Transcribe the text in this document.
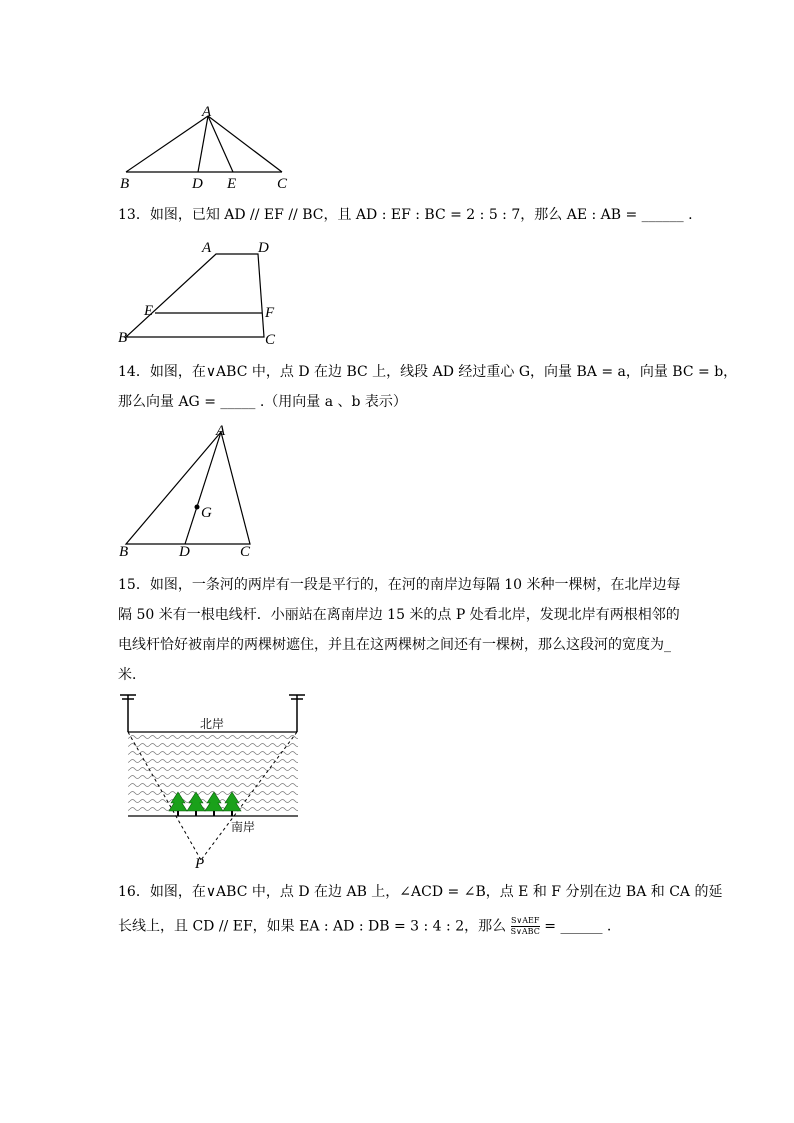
A
B	D E	C
13．如图，已知 AD // EF // BC，且 AD : EF : BC = 2 : 5 : 7，那么 AE : AB = ______ .
A	D
E	F
B	C
14．如图，在∨ABC 中，点 D 在边 BC 上，线段 AD 经过重心 G，向量 BA = a，向量 BC = b，
那么向量 AG = _____ .（用向量 a 、b 表示）
A
G
B	D	C
15．如图，一条河的两岸有一段是平行的，在河的南岸边每隔 10 米种一棵树，在北岸边每
隔 50 米有一根电线杆．小丽站在离南岸边 15 米的点 P 处看北岸，发现北岸有两根相邻的
电线杆恰好被南岸的两棵树遮住，并且在这两棵树之间还有一棵树，那么这段河的宽度为_
米．
北岸
南岸
P
16．如图，在∨ABC 中，点 D 在边 AB 上，∠ACD = ∠B，点 E 和 F 分别在边 BA 和 CA 的延
长线上，且 CD // EF，如果 EA : AD : DB = 3 : 4 : 2，那么 $\frac{\text{S∨AEF}}{\text{S∨ABC}}$ = ______ .
